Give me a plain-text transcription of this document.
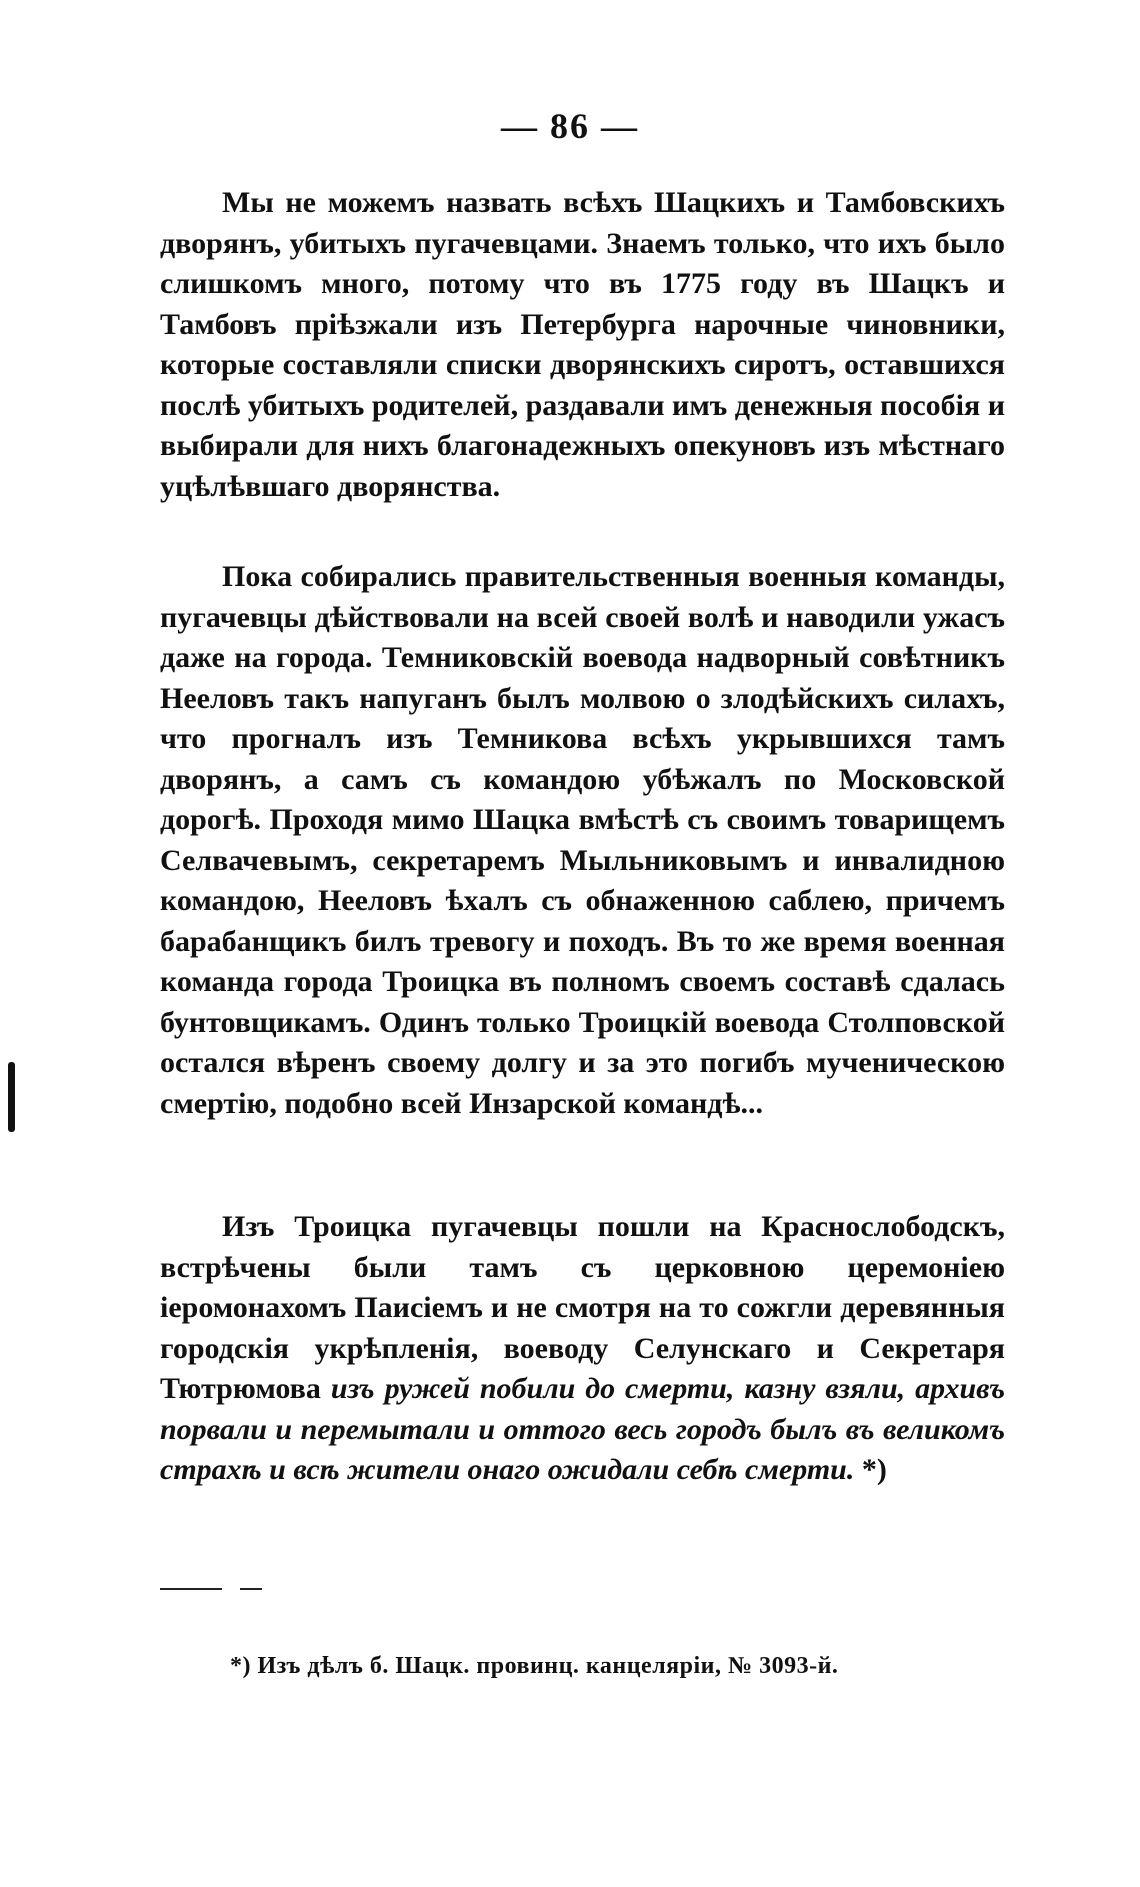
— 86 —

Мы не можемъ назвать всѣхъ Шацкихъ и Тамбовскихъ дворянъ, убитыхъ пугачевцами. Знаемъ только, что ихъ было слишкомъ много, потому что въ 1775 году въ Шацкъ и Тамбовъ пріѣзжали изъ Петербурга нарочные чиновники, которые составляли списки дворянскихъ сиротъ, оставшихся послѣ убитыхъ родителей, раздавали имъ денежныя пособія и выбирали для нихъ благонадежныхъ опекуновъ изъ мѣстнаго уцѣлѣвшаго дворянства.

Пока собирались правительственныя военныя команды, пугачевцы дѣйствовали на всей своей волѣ и наводили ужасъ даже на города. Темниковскій воевода надворный совѣтникъ Нееловъ такъ напуганъ былъ молвою о злодѣйскихъ силахъ, что прогналъ изъ Темникова всѣхъ укрывшихся тамъ дворянъ, а самъ съ командою убѣжалъ по Московской дорогѣ. Проходя мимо Шацка вмѣстѣ съ своимъ товарищемъ Селвачевымъ, секретаремъ Мыльниковымъ и инвалидною командою, Нееловъ ѣхалъ съ обнаженною саблею, причемъ барабанщикъ билъ тревогу и походъ. Въ то же время военная команда города Троицка въ полномъ своемъ составѣ сдалась бунтовщикамъ. Одинъ только Троицкій воевода Столповской остался вѣренъ своему долгу и за это погибъ мученическою смертію, подобно всей Инзарской командѣ...

Изъ Троицка пугачевцы пошли на Краснослободскъ, встрѣчены были тамъ съ церковною церемоніею іеромонахомъ Паисіемъ и не смотря на то сожгли деревянныя городскія укрѣпленія, воеводу Селунскаго и Секретаря Тютрюмова изъ ружей побили до смерти, казну взяли, архивъ порвали и перемытали и оттого весь городъ былъ въ великомъ страхѣ и всѣ жители онаго ожидали себѣ смерти. *)

*) Изъ дѣлъ б. Шацк. провинц. канцеляріи, № 3093-й.
